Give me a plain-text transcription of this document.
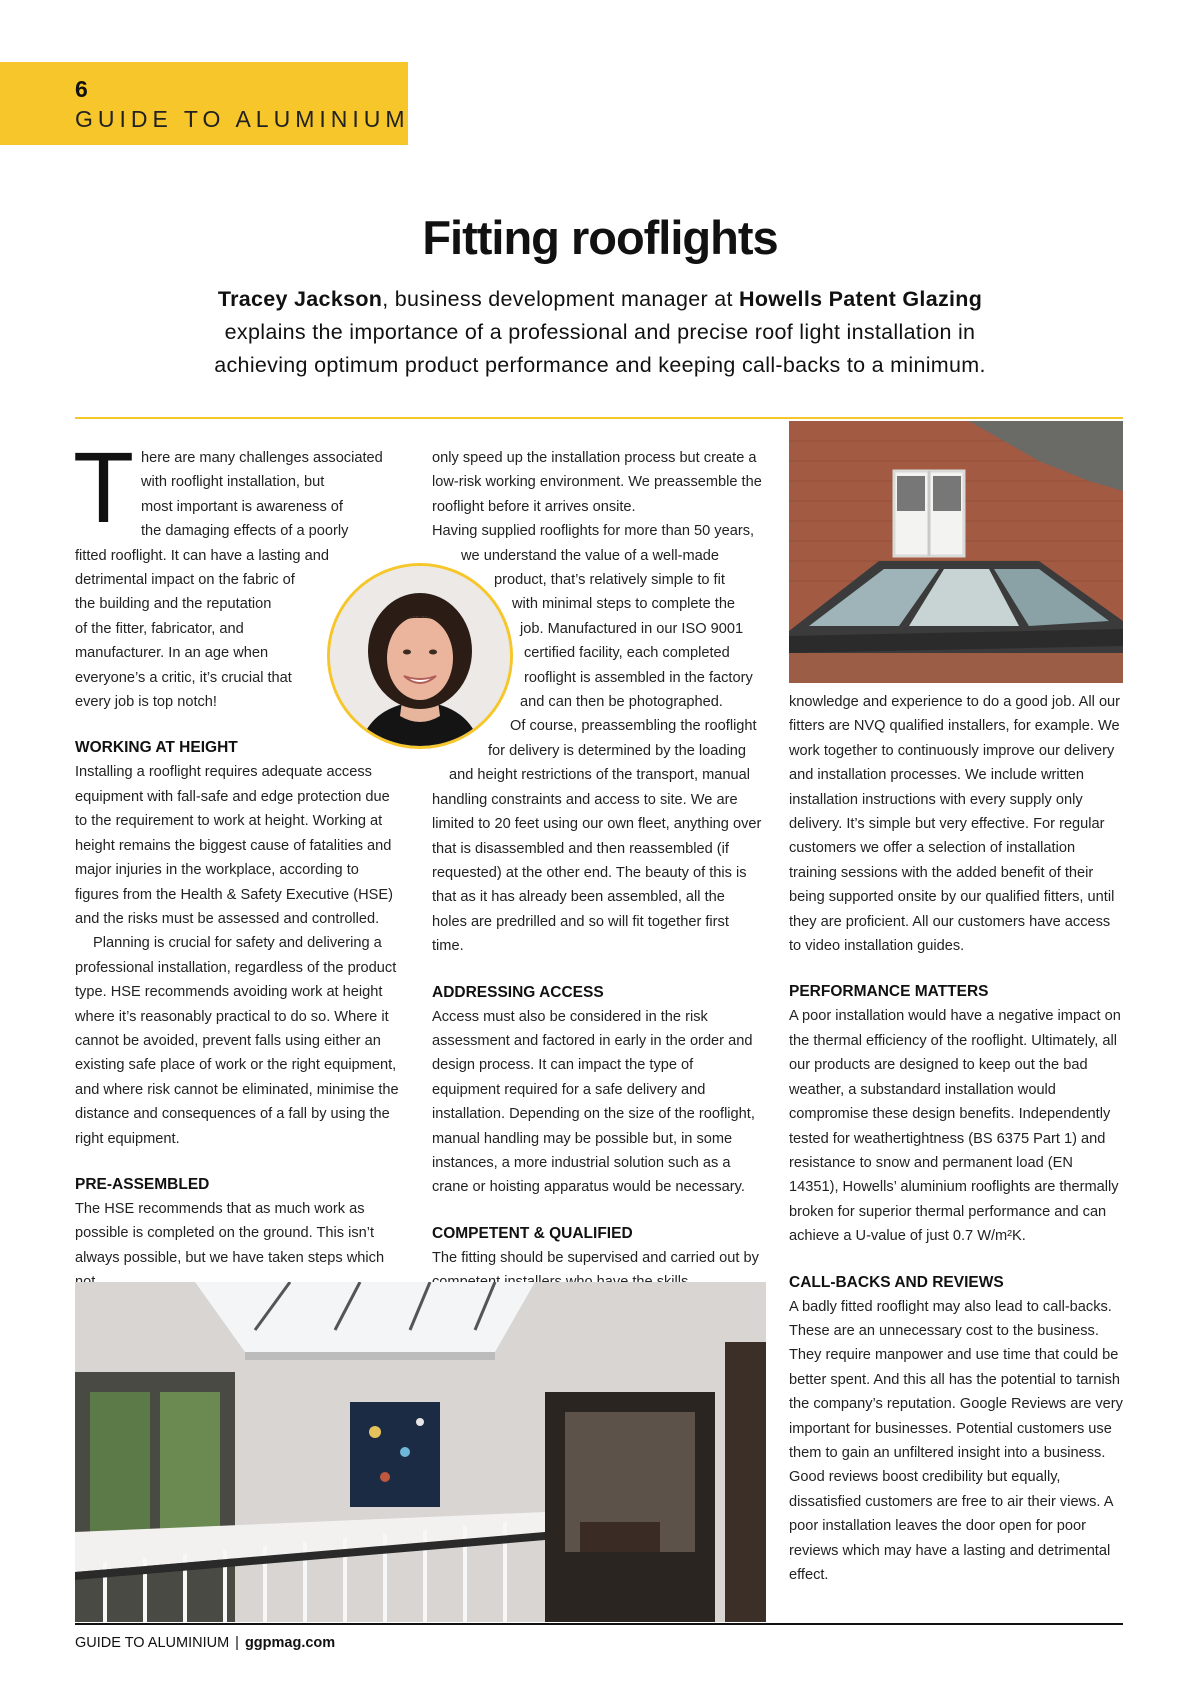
6
GUIDE TO ALUMINIUM
Fitting rooflights
Tracey Jackson, business development manager at Howells Patent Glazing
explains the importance of a professional and precise roof light installation in
achieving optimum product performance and keeping call-backs to a minimum.
T here are many challenges associated
with rooflight installation, but
most important is awareness of
the damaging effects of a poorly
fitted rooflight. It can have a lasting and
detrimental impact on the fabric of
the building and the reputation
of the fitter, fabricator, and
manufacturer. In an age when
everyone’s a critic, it’s crucial that
every job is top notch!
WORKING AT HEIGHT

Installing a rooflight requires adequate access equipment with fall-safe and edge protection due to the requirement to work at height. Working at height remains the biggest cause of fatalities and major injuries in the workplace, according to figures from the Health & Safety Executive (HSE) and the risks must be assessed and controlled.

Planning is crucial for safety and delivering a professional installation, regardless of the product type. HSE recommends avoiding work at height where it’s reasonably practical to do so. Where it cannot be avoided, prevent falls using either an existing safe place of work or the right equipment, and where risk cannot be eliminated, minimise the distance and consequences of a fall by using the right equipment.

PRE-ASSEMBLED

The HSE recommends that as much work as possible is completed on the ground. This isn’t always possible, but we have taken steps which

only speed up the installation process but create a
low-risk working environment. We preassemble the
rooflight before it arrives onsite.
Having supplied rooflights for more than 50 years,
we understand the value of a well-made
product, that’s relatively simple to fit
with minimal steps to complete the
job. Manufactured in our ISO 9001
certified facility, each completed
rooflight is assembled in the factory
and can then be photographed.
Of course, preassembling the rooflight
for delivery is determined by the loading
and height restrictions of the transport, manual

handling constraints and access to site. We are limited to 20 feet using our own fleet, anything over that is disassembled and then reassembled (if requested) at the other end. The beauty of this is that as it has already been assembled, all the holes are predrilled and so will fit together first time.

ADDRESSING ACCESS

Access must also be considered in the risk assessment and factored in early in the order and design process. It can impact the type of equipment required for a safe delivery and installation. Depending on the size of the rooflight, manual handling may be possible but, in some instances, a more industrial solution such as a crane or hoisting apparatus would be necessary.

COMPETENT & QUALIFIED

The fitting should be supervised and carried out by

knowledge and experience to do a good job. All our fitters are NVQ qualified installers, for example. We work together to continuously improve our delivery and installation processes. We include written installation instructions with every supply only delivery. It’s simple but very effective. For regular customers we offer a selection of installation training sessions with the added benefit of their being supported onsite by our qualified fitters, until they are proficient. All our customers have access to video installation guides.

PERFORMANCE MATTERS

A poor installation would have a negative impact on the thermal efficiency of the rooflight. Ultimately, all our products are designed to keep out the bad weather, a substandard installation would compromise these design benefits. Independently tested for weathertightness (BS 6375 Part 1) and resistance to snow and permanent load (EN 14351), Howells’ aluminium rooflights are thermally broken for superior thermal performance and can achieve a U-value of just 0.7 W/m²K.

CALL-BACKS AND REVIEWS

A badly fitted rooflight may also lead to call-backs. These are an unnecessary cost to the business. They require manpower and use time that could be better spent. And this all has the potential to tarnish the company’s reputation. Google Reviews are very important for businesses. Potential customers use them to gain an unfiltered insight into a business. Good reviews boost credibility but equally, dissatisfied customers are free to air their views. A poor installation leaves the door open for poor reviews which may have a lasting and detrimental effect.

GUIDE TO ALUMINIUM | ggpmag.com
